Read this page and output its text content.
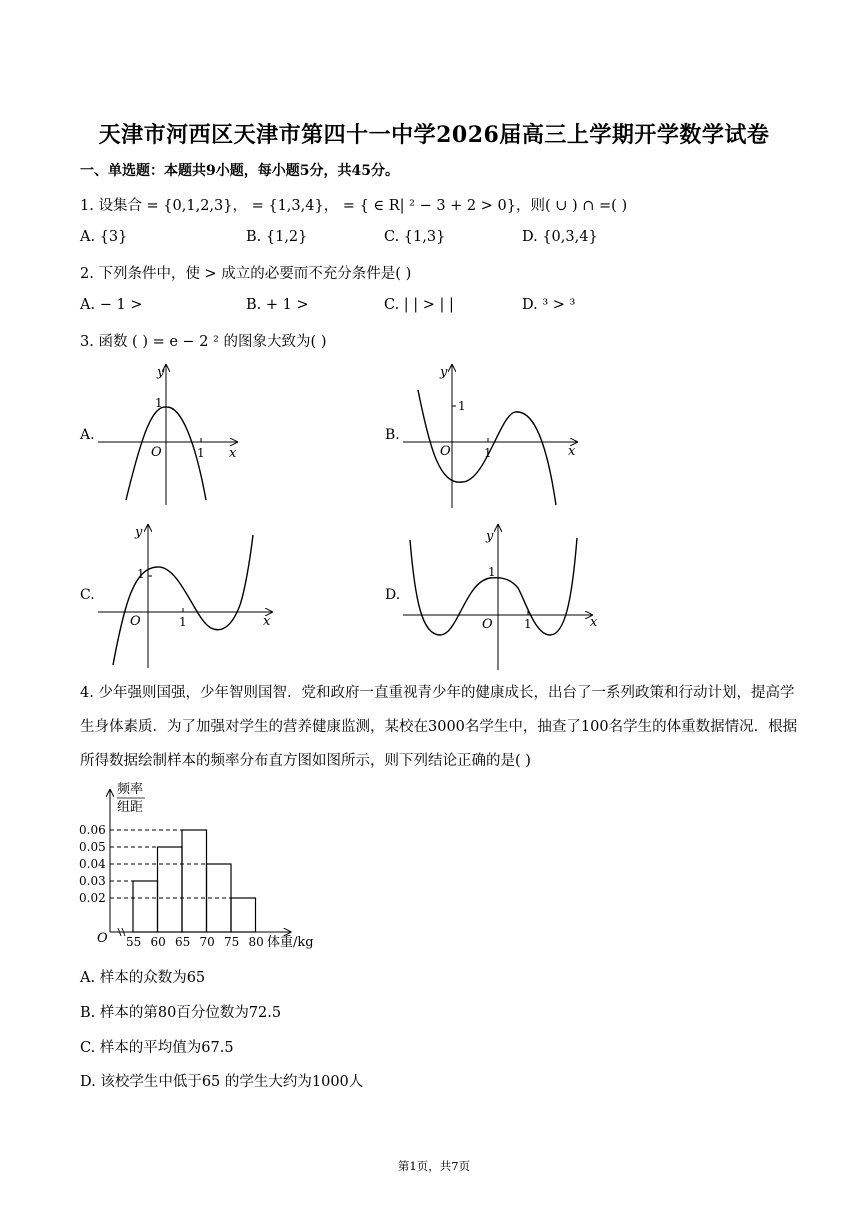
天津市河西区天津市第四十一中学2026届高三上学期开学数学试卷
一、单选题：本题共9小题，每小题5分，共45分。
1. 设集合 = {0,1,2,3}， = {1,3,4}， = { ∈ R| ² − 3 + 2 > 0}，则( ∪ ) ∩ =( )
A. {3}	B. {1,2}	C. {1,3}	D. {0,3,4}
2. 下列条件中，使 > 成立的必要而不充分条件是( )
A. − 1 >	B. + 1 >	C. | | > | |	D. ³ > ³
3. 函数 ( ) = e − 2 ² 的图象大致为( )
A.	B.
C.	D.
y
x
O
1
1
y
x
O
1
1
y
x
O
1
1
y
x
O
1
1
4. 少年强则国强，少年智则国智．党和政府一直重视青少年的健康成长，出台了一系列政策和行动计划，提高学生身体素质．为了加强对学生的营养健康监测，某校在3000名学生中，抽查了100名学生的体重数据情况．根据所得数据绘制样本的频率分布直方图如图所示，则下列结论正确的是( )
频率
组距
O	体重/kg
0.06
0.05
0.04
0.03
0.02
55 60 65 70 75 80
A. 样本的众数为65
B. 样本的第80百分位数为72.5
C. 样本的平均值为67.5
D. 该校学生中低于65 的学生大约为1000人
第1页，共7页
